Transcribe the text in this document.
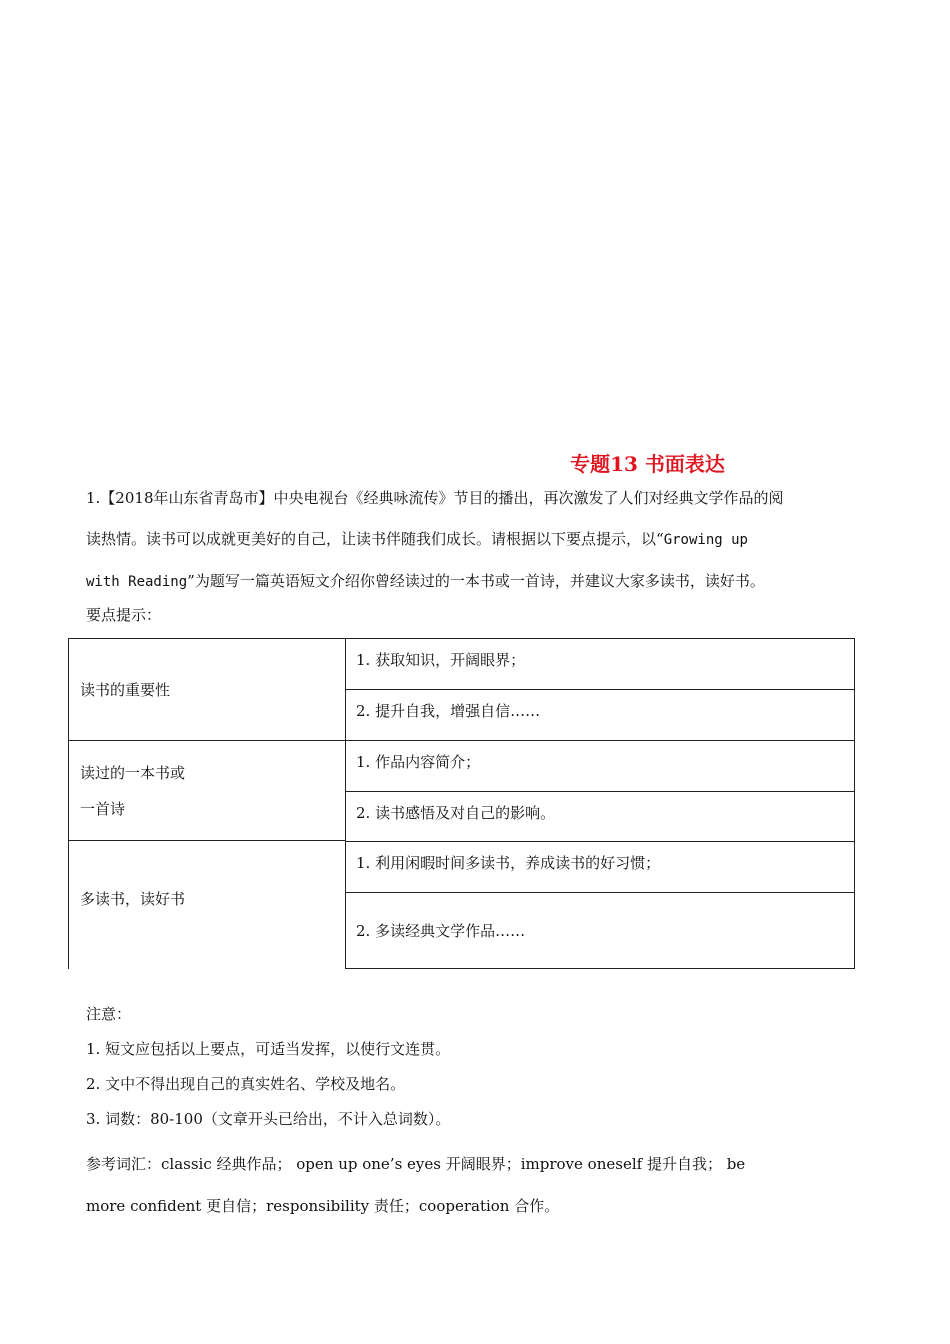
专题13 书面表达
1.【2018年山东省青岛市】中央电视台《经典咏流传》节目的播出，再次激发了人们对经典文学作品的阅
读热情。读书可以成就更美好的自己，让读书伴随我们成长。请根据以下要点提示，以“Growing up
with Reading”为题写一篇英语短文介绍你曾经读过的一本书或一首诗，并建议大家多读书，读好书。
要点提示：
读书的重要性
1. 获取知识，开阔眼界；
2. 提升自我，增强自信……
读过的一本书或
一首诗
1. 作品内容简介；
2. 读书感悟及对自己的影响。
多读书，读好书
1. 利用闲暇时间多读书，养成读书的好习惯；
2. 多读经典文学作品……
注意：
1. 短文应包括以上要点，可适当发挥，以使行文连贯。
2. 文中不得出现自己的真实姓名、学校及地名。
3. 词数：80-100（文章开头已给出，不计入总词数）。
参考词汇：classic 经典作品； open up one’s eyes 开阔眼界；improve oneself 提升自我； be
more confident 更自信；responsibility 责任；cooperation 合作。
